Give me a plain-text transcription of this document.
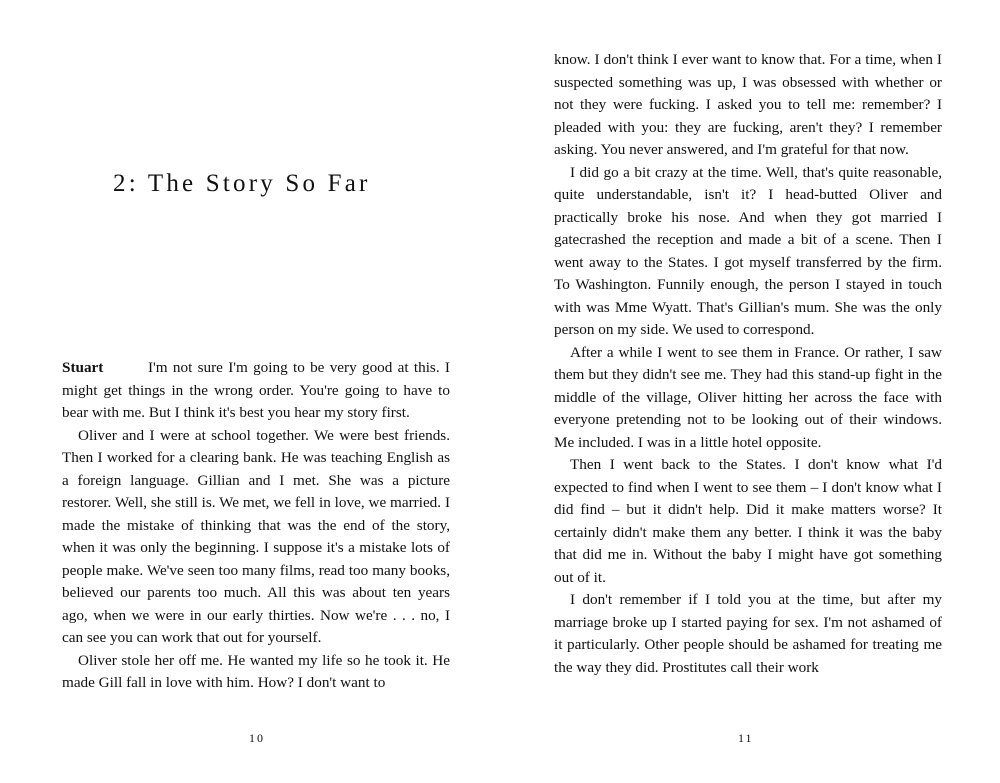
2: The Story So Far

Stuart	I'm not sure I'm going to be very good at this. I might get things in the wrong order. You're going to have to bear with me. But I think it's best you hear my story first.

Oliver and I were at school together. We were best friends. Then I worked for a clearing bank. He was teaching English as a foreign language. Gillian and I met. She was a picture restorer. Well, she still is. We met, we fell in love, we married. I made the mistake of thinking that was the end of the story, when it was only the beginning. I suppose it's a mistake lots of people make. We've seen too many films, read too many books, believed our parents too much. All this was about ten years ago, when we were in our early thirties. Now we're . . . no, I can see you can work that out for yourself.

Oliver stole her off me. He wanted my life so he took it. He made Gill fall in love with him. How? I don't want to

10

know. I don't think I ever want to know that. For a time, when I suspected something was up, I was obsessed with whether or not they were fucking. I asked you to tell me: remember? I pleaded with you: they are fucking, aren't they? I remember asking. You never answered, and I'm grateful for that now.

I did go a bit crazy at the time. Well, that's quite reasonable, quite understandable, isn't it? I head-butted Oliver and practically broke his nose. And when they got married I gatecrashed the reception and made a bit of a scene. Then I went away to the States. I got myself transferred by the firm. To Washington. Funnily enough, the person I stayed in touch with was Mme Wyatt. That's Gillian's mum. She was the only person on my side. We used to correspond.

After a while I went to see them in France. Or rather, I saw them but they didn't see me. They had this stand-up fight in the middle of the village, Oliver hitting her across the face with everyone pretending not to be looking out of their windows. Me included. I was in a little hotel opposite.

Then I went back to the States. I don't know what I'd expected to find when I went to see them – I don't know what I did find – but it didn't help. Did it make matters worse? It certainly didn't make them any better. I think it was the baby that did me in. Without the baby I might have got something out of it.

I don't remember if I told you at the time, but after my marriage broke up I started paying for sex. I'm not ashamed of it particularly. Other people should be ashamed for treating me the way they did. Prostitutes call their work

11
